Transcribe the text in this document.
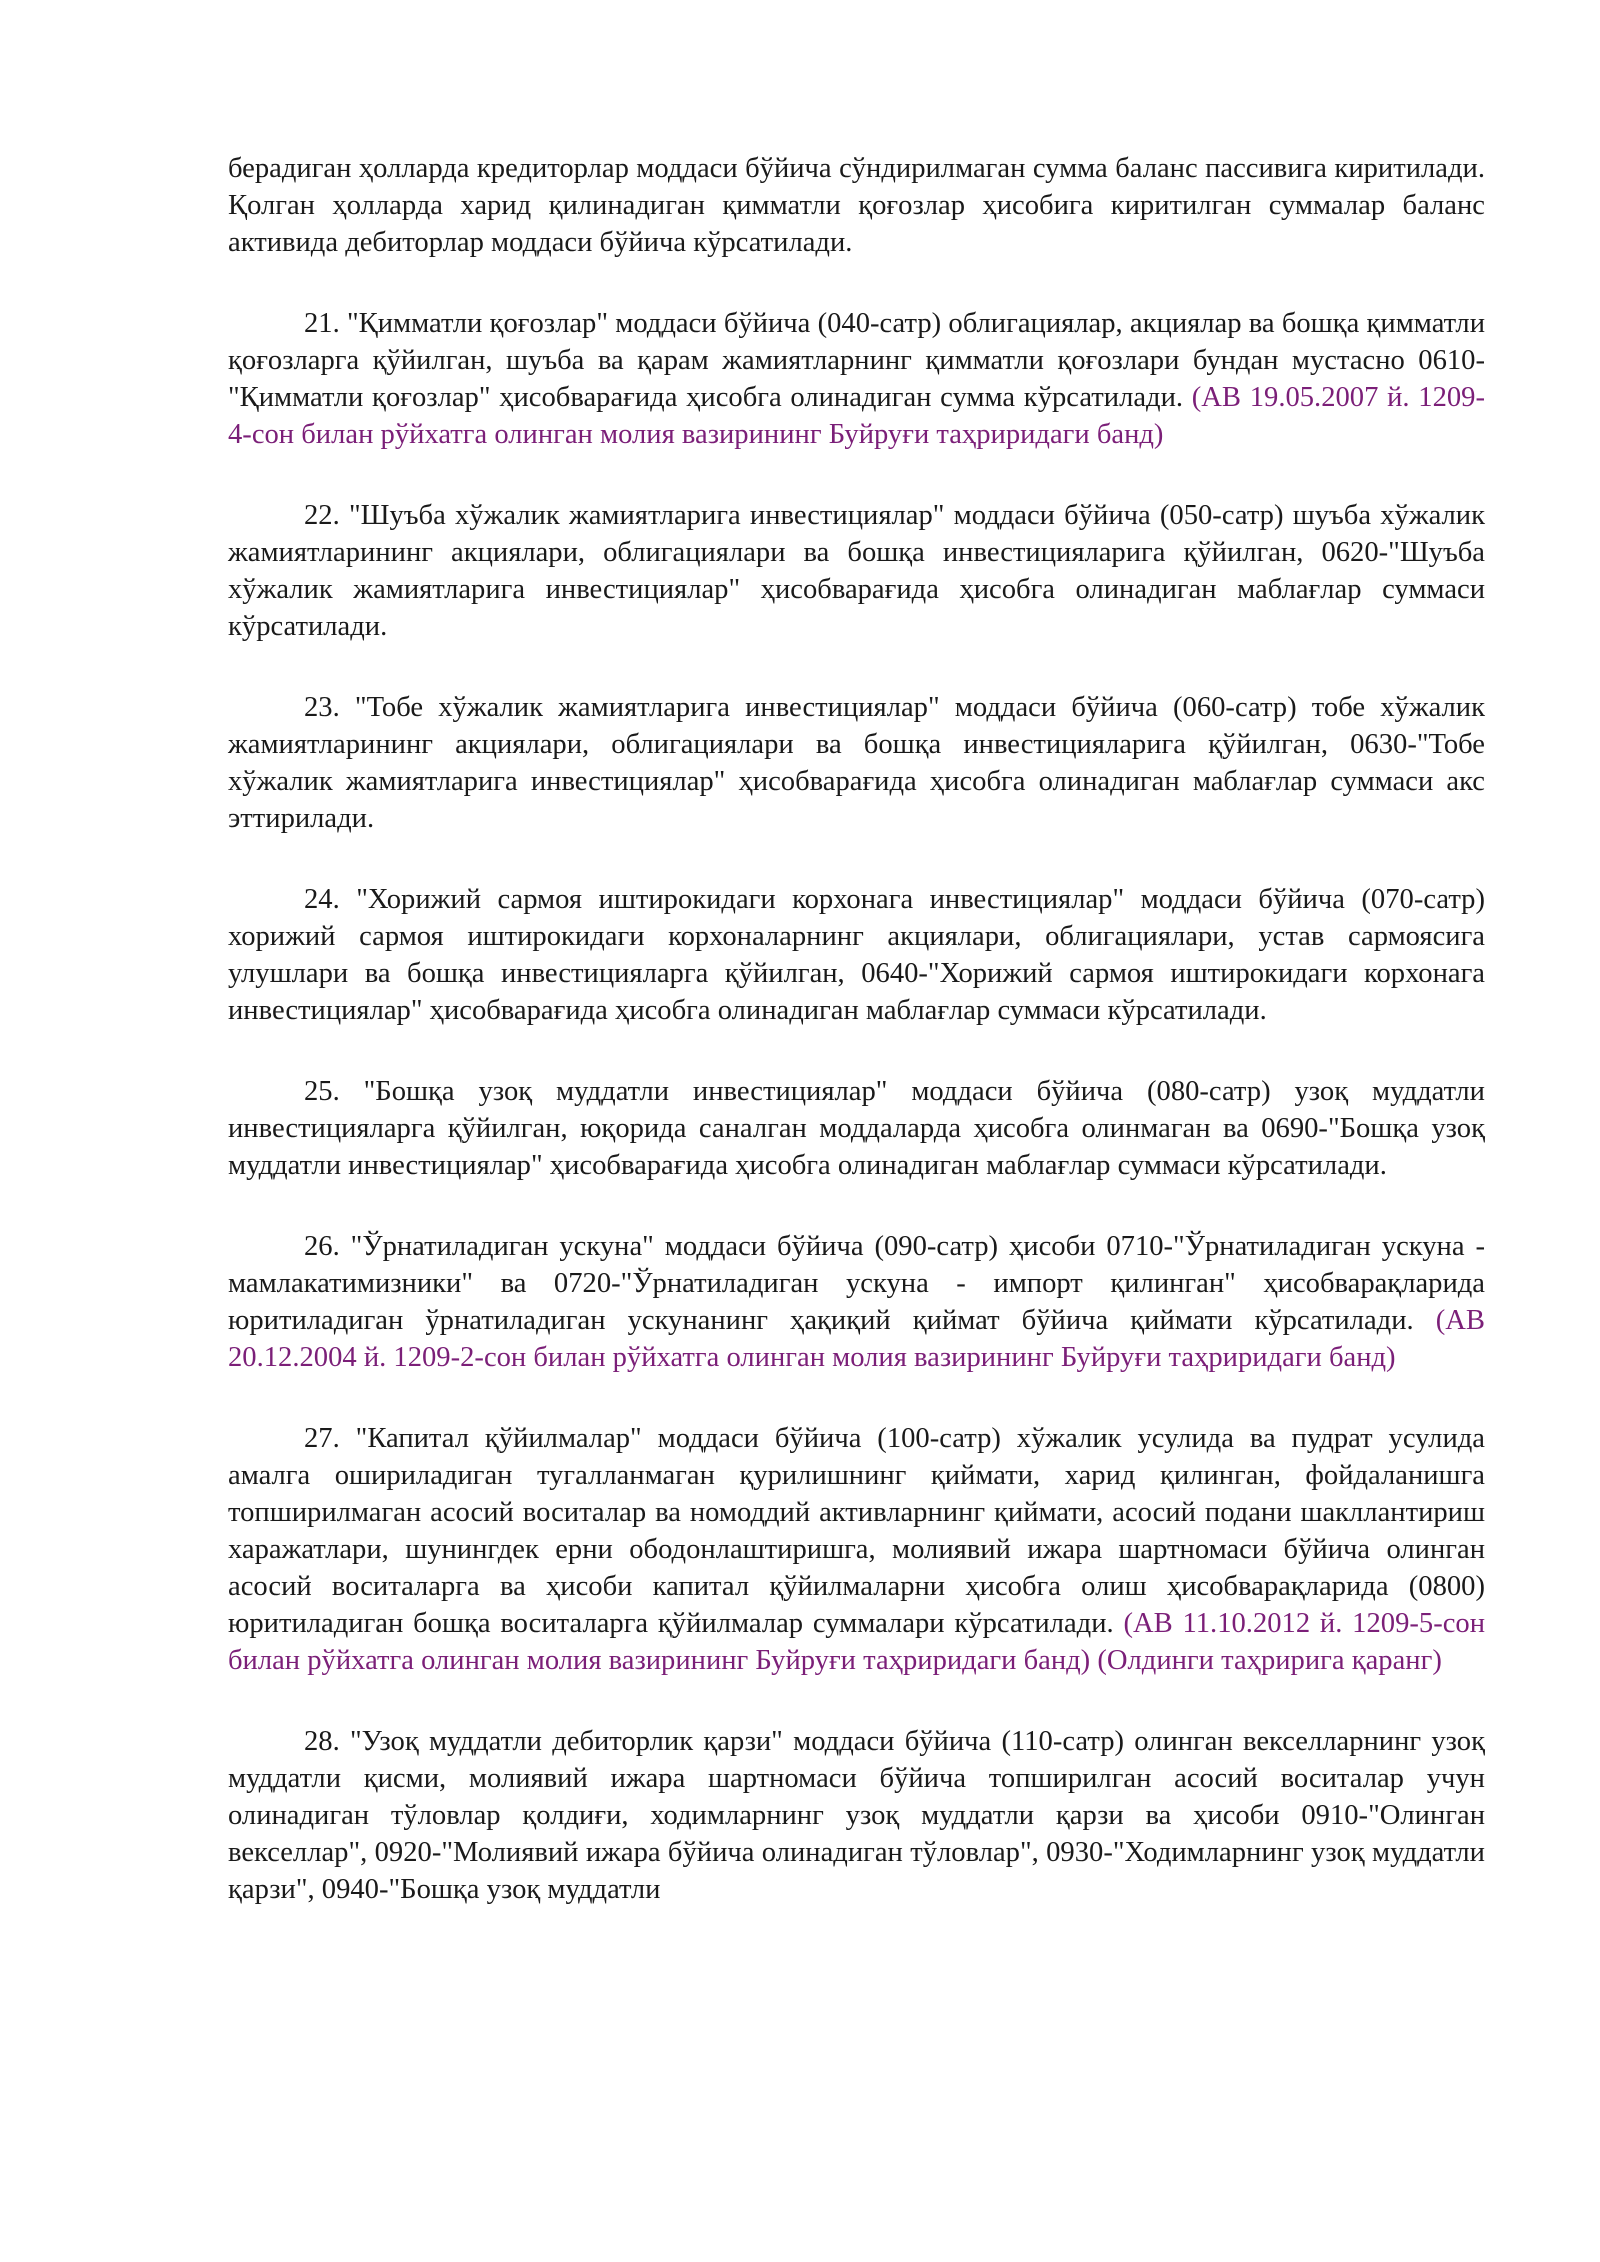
берадиган ҳолларда кредиторлар моддаси бўйича сўндирилмаган сумма баланс пассивига киритилади. Қолган ҳолларда харид қилинадиган қимматли қоғозлар ҳисобига киритилган суммалар баланс активида дебиторлар моддаси бўйича кўрсатилади.

21. "Қимматли қоғозлар" моддаси бўйича (040-сатр) облигациялар, акциялар ва бошқа қимматли қоғозларга қўйилган, шуъба ва қарам жамиятларнинг қимматли қоғозлари бундан мустасно 0610-"Қимматли қоғозлар" ҳисобварағида ҳисобга олинадиган сумма кўрсатилади. (АВ 19.05.2007 й. 1209-4-сон билан рўйхатга олинган молия вазирининг Буйруғи таҳриридаги банд)

22. "Шуъба хўжалик жамиятларига инвестициялар" моддаси бўйича (050-сатр) шуъба хўжалик жамиятларининг акциялари, облигациялари ва бошқа инвестицияларига қўйилган, 0620-"Шуъба хўжалик жамиятларига инвестициялар" ҳисобварағида ҳисобга олинадиган маблағлар суммаси кўрсатилади.

23. "Тобе хўжалик жамиятларига инвестициялар" моддаси бўйича (060-сатр) тобе хўжалик жамиятларининг акциялари, облигациялари ва бошқа инвестицияларига қўйилган, 0630-"Тобе хўжалик жамиятларига инвестициялар" ҳисобварағида ҳисобга олинадиган маблағлар суммаси акс эттирилади.

24. "Хорижий сармоя иштирокидаги корхонага инвестициялар" моддаси бўйича (070-сатр) хорижий сармоя иштирокидаги корхоналарнинг акциялари, облигациялари, устав сармоясига улушлари ва бошқа инвестицияларга қўйилган, 0640-"Хорижий сармоя иштирокидаги корхонага инвестициялар" ҳисобварағида ҳисобга олинадиган маблағлар суммаси кўрсатилади.

25. "Бошқа узоқ муддатли инвестициялар" моддаси бўйича (080-сатр) узоқ муддатли инвестицияларга қўйилган, юқорида саналган моддаларда ҳисобга олинмаган ва 0690-"Бошқа узоқ муддатли инвестициялар" ҳисобварағида ҳисобга олинадиган маблағлар суммаси кўрсатилади.

26. "Ўрнатиладиган ускуна" моддаси бўйича (090-сатр) ҳисоби 0710-"Ўрнатиладиган ускуна - мамлакатимизники" ва 0720-"Ўрнатиладиган ускуна - импорт қилинган" ҳисобварақларида юритиладиган ўрнатиладиган ускунанинг ҳақиқий қиймат бўйича қиймати кўрсатилади. (АВ 20.12.2004 й. 1209-2-сон билан рўйхатга олинган молия вазирининг Буйруғи таҳриридаги банд)

27. "Капитал қўйилмалар" моддаси бўйича (100-сатр) хўжалик усулида ва пудрат усулида амалга ошириладиган тугалланмаган қурилишнинг қиймати, харид қилинган, фойдаланишга топширилмаган асосий воситалар ва номоддий активларнинг қиймати, асосий подани шакллантириш харажатлари, шунингдек ерни ободонлаштиришга, молиявий ижара шартномаси бўйича олинган асосий воситаларга ва ҳисоби капитал қўйилмаларни ҳисобга олиш ҳисобварақларида (0800) юритиладиган бошқа воситаларга қўйилмалар суммалари кўрсатилади. (АВ 11.10.2012 й. 1209-5-сон билан рўйхатга олинган молия вазирининг Буйруғи таҳриридаги банд) (Олдинги таҳририга қаранг)

28. "Узоқ муддатли дебиторлик қарзи" моддаси бўйича (110-сатр) олинган векселларнинг узоқ муддатли қисми, молиявий ижара шартномаси бўйича топширилган асосий воситалар учун олинадиган тўловлар қолдиғи, ходимларнинг узоқ муддатли қарзи ва ҳисоби 0910-"Олинган векселлар", 0920-"Молиявий ижара бўйича олинадиган тўловлар", 0930-"Ходимларнинг узоқ муддатли қарзи", 0940-"Бошқа узоқ муддатли
